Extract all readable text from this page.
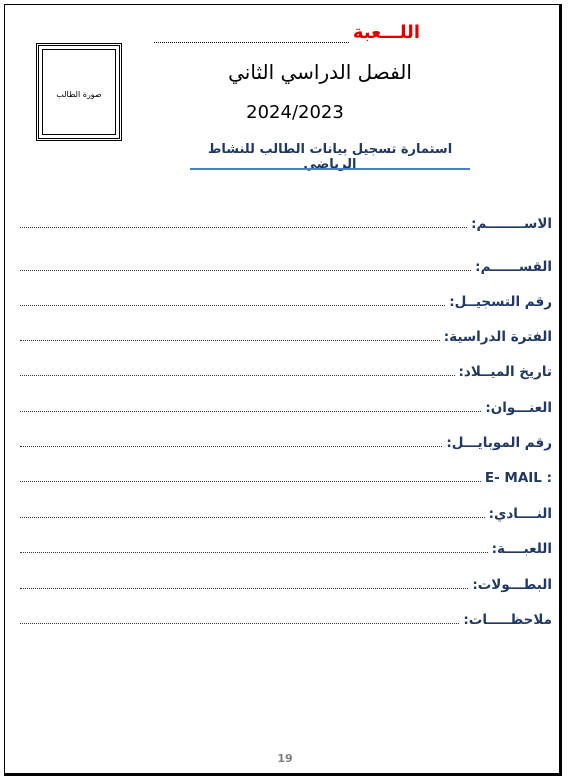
صورة الطالب
اللـــعبة
الفصل الدراسي الثاني
2024/2023
استمارة تسجيل بيانات الطالب للنشاط الرياضي
الاســــــــم:
القســــــم:
رقم التسجيــل:
الفترة الدراسية:
تاريخ الميــلاد:
العنـــوان:
رقم الموبايـــل:
E- MAIL :
النــــادي:
اللعبــــة:
البطـــولات:
ملاحظـــــات:
19
